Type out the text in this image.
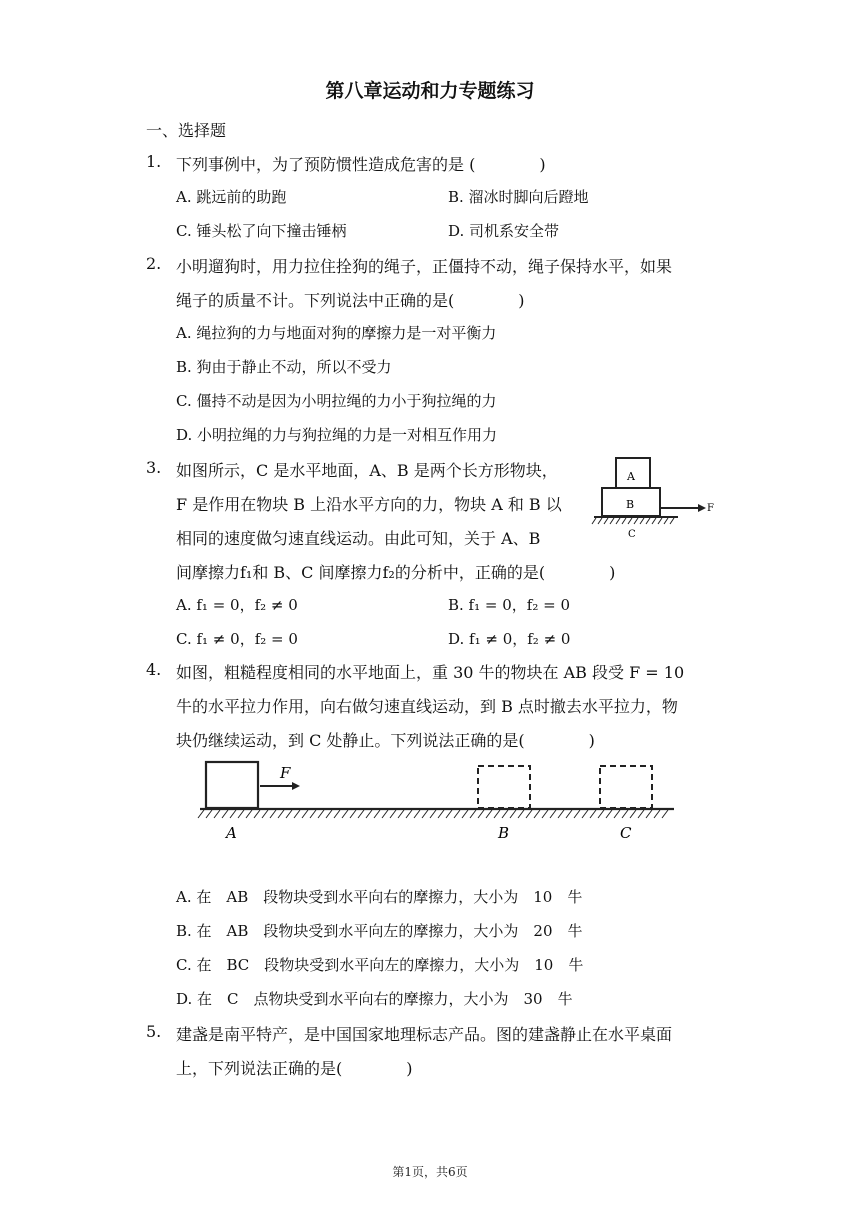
第八章运动和力专题练习
一、选择题
1. 下列事例中，为了预防惯性造成危害的是 (　　　　)
A. 跳远前的助跑	B. 溜冰时脚向后蹬地
C. 锤头松了向下撞击锤柄	D. 司机系安全带
2. 小明遛狗时，用力拉住拴狗的绳子，正僵持不动，绳子保持水平，如果
绳子的质量不计。下列说法中正确的是(　　　　)
A. 绳拉狗的力与地面对狗的摩擦力是一对平衡力
B. 狗由于静止不动，所以不受力
C. 僵持不动是因为小明拉绳的力小于狗拉绳的力
D. 小明拉绳的力与狗拉绳的力是一对相互作用力
3. 如图所示，C 是水平地面，A、B 是两个长方形物块，
F 是作用在物块 B 上沿水平方向的力，物块 A 和 B 以
相同的速度做匀速直线运动。由此可知，关于 A、B
间摩擦力f₁和 B、C 间摩擦力f₂的分析中，正确的是(　　　　)
A. f₁ = 0，f₂ ≠ 0	B. f₁ = 0，f₂ = 0
C. f₁ ≠ 0，f₂ = 0	D. f₁ ≠ 0，f₂ ≠ 0
A
B	F
C
4. 如图，粗糙程度相同的水平地面上，重 30 牛的物块在 AB 段受 F = 10
牛的水平拉力作用，向右做匀速直线运动，到 B 点时撤去水平拉力，物
块仍继续运动，到 C 处静止。下列说法正确的是(　　　　)
F
A	B	C
A. 在　AB　段物块受到水平向右的摩擦力，大小为　10　牛
B. 在　AB　段物块受到水平向左的摩擦力，大小为　20　牛
C. 在　BC　段物块受到水平向左的摩擦力，大小为　10　牛
D. 在　C　点物块受到水平向右的摩擦力，大小为　30　牛
5. 建盏是南平特产，是中国国家地理标志产品。图的建盏静止在水平桌面
上，下列说法正确的是(　　　　)
第1页，共6页
